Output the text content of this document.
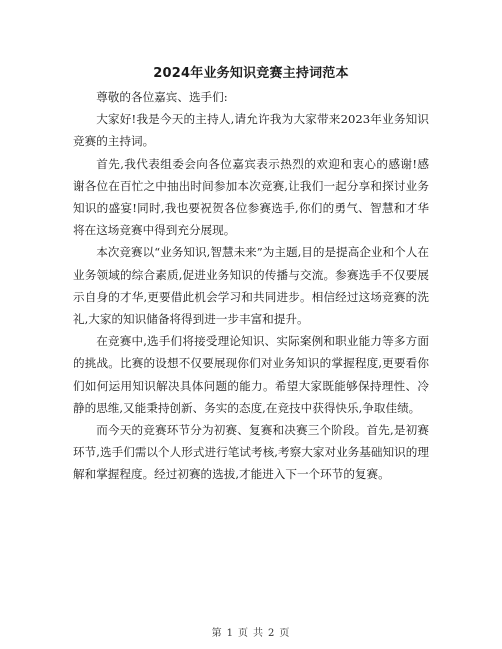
2024年业务知识竞赛主持词范本

尊敬的各位嘉宾、选手们:

大家好!我是今天的主持人,请允许我为大家带来2023年业务知识竞赛的主持词。

首先,我代表组委会向各位嘉宾表示热烈的欢迎和衷心的感谢!感谢各位在百忙之中抽出时间参加本次竞赛,让我们一起分享和探讨业务知识的盛宴!同时,我也要祝贺各位参赛选手,你们的勇气、智慧和才华将在这场竞赛中得到充分展现。

本次竞赛以“业务知识,智慧未来”为主题,目的是提高企业和个人在业务领域的综合素质,促进业务知识的传播与交流。参赛选手不仅要展示自身的才华,更要借此机会学习和共同进步。相信经过这场竞赛的洗礼,大家的知识储备将得到进一步丰富和提升。

在竞赛中,选手们将接受理论知识、实际案例和职业能力等多方面的挑战。比赛的设想不仅要展现你们对业务知识的掌握程度,更要看你们如何运用知识解决具体问题的能力。希望大家既能够保持理性、冷静的思维,又能秉持创新、务实的态度,在竞技中获得快乐,争取佳绩。

而今天的竞赛环节分为初赛、复赛和决赛三个阶段。首先,是初赛环节,选手们需以个人形式进行笔试考核,考察大家对业务基础知识的理解和掌握程度。经过初赛的选拔,才能进入下一个环节的复赛。

第 1 页 共 2 页
